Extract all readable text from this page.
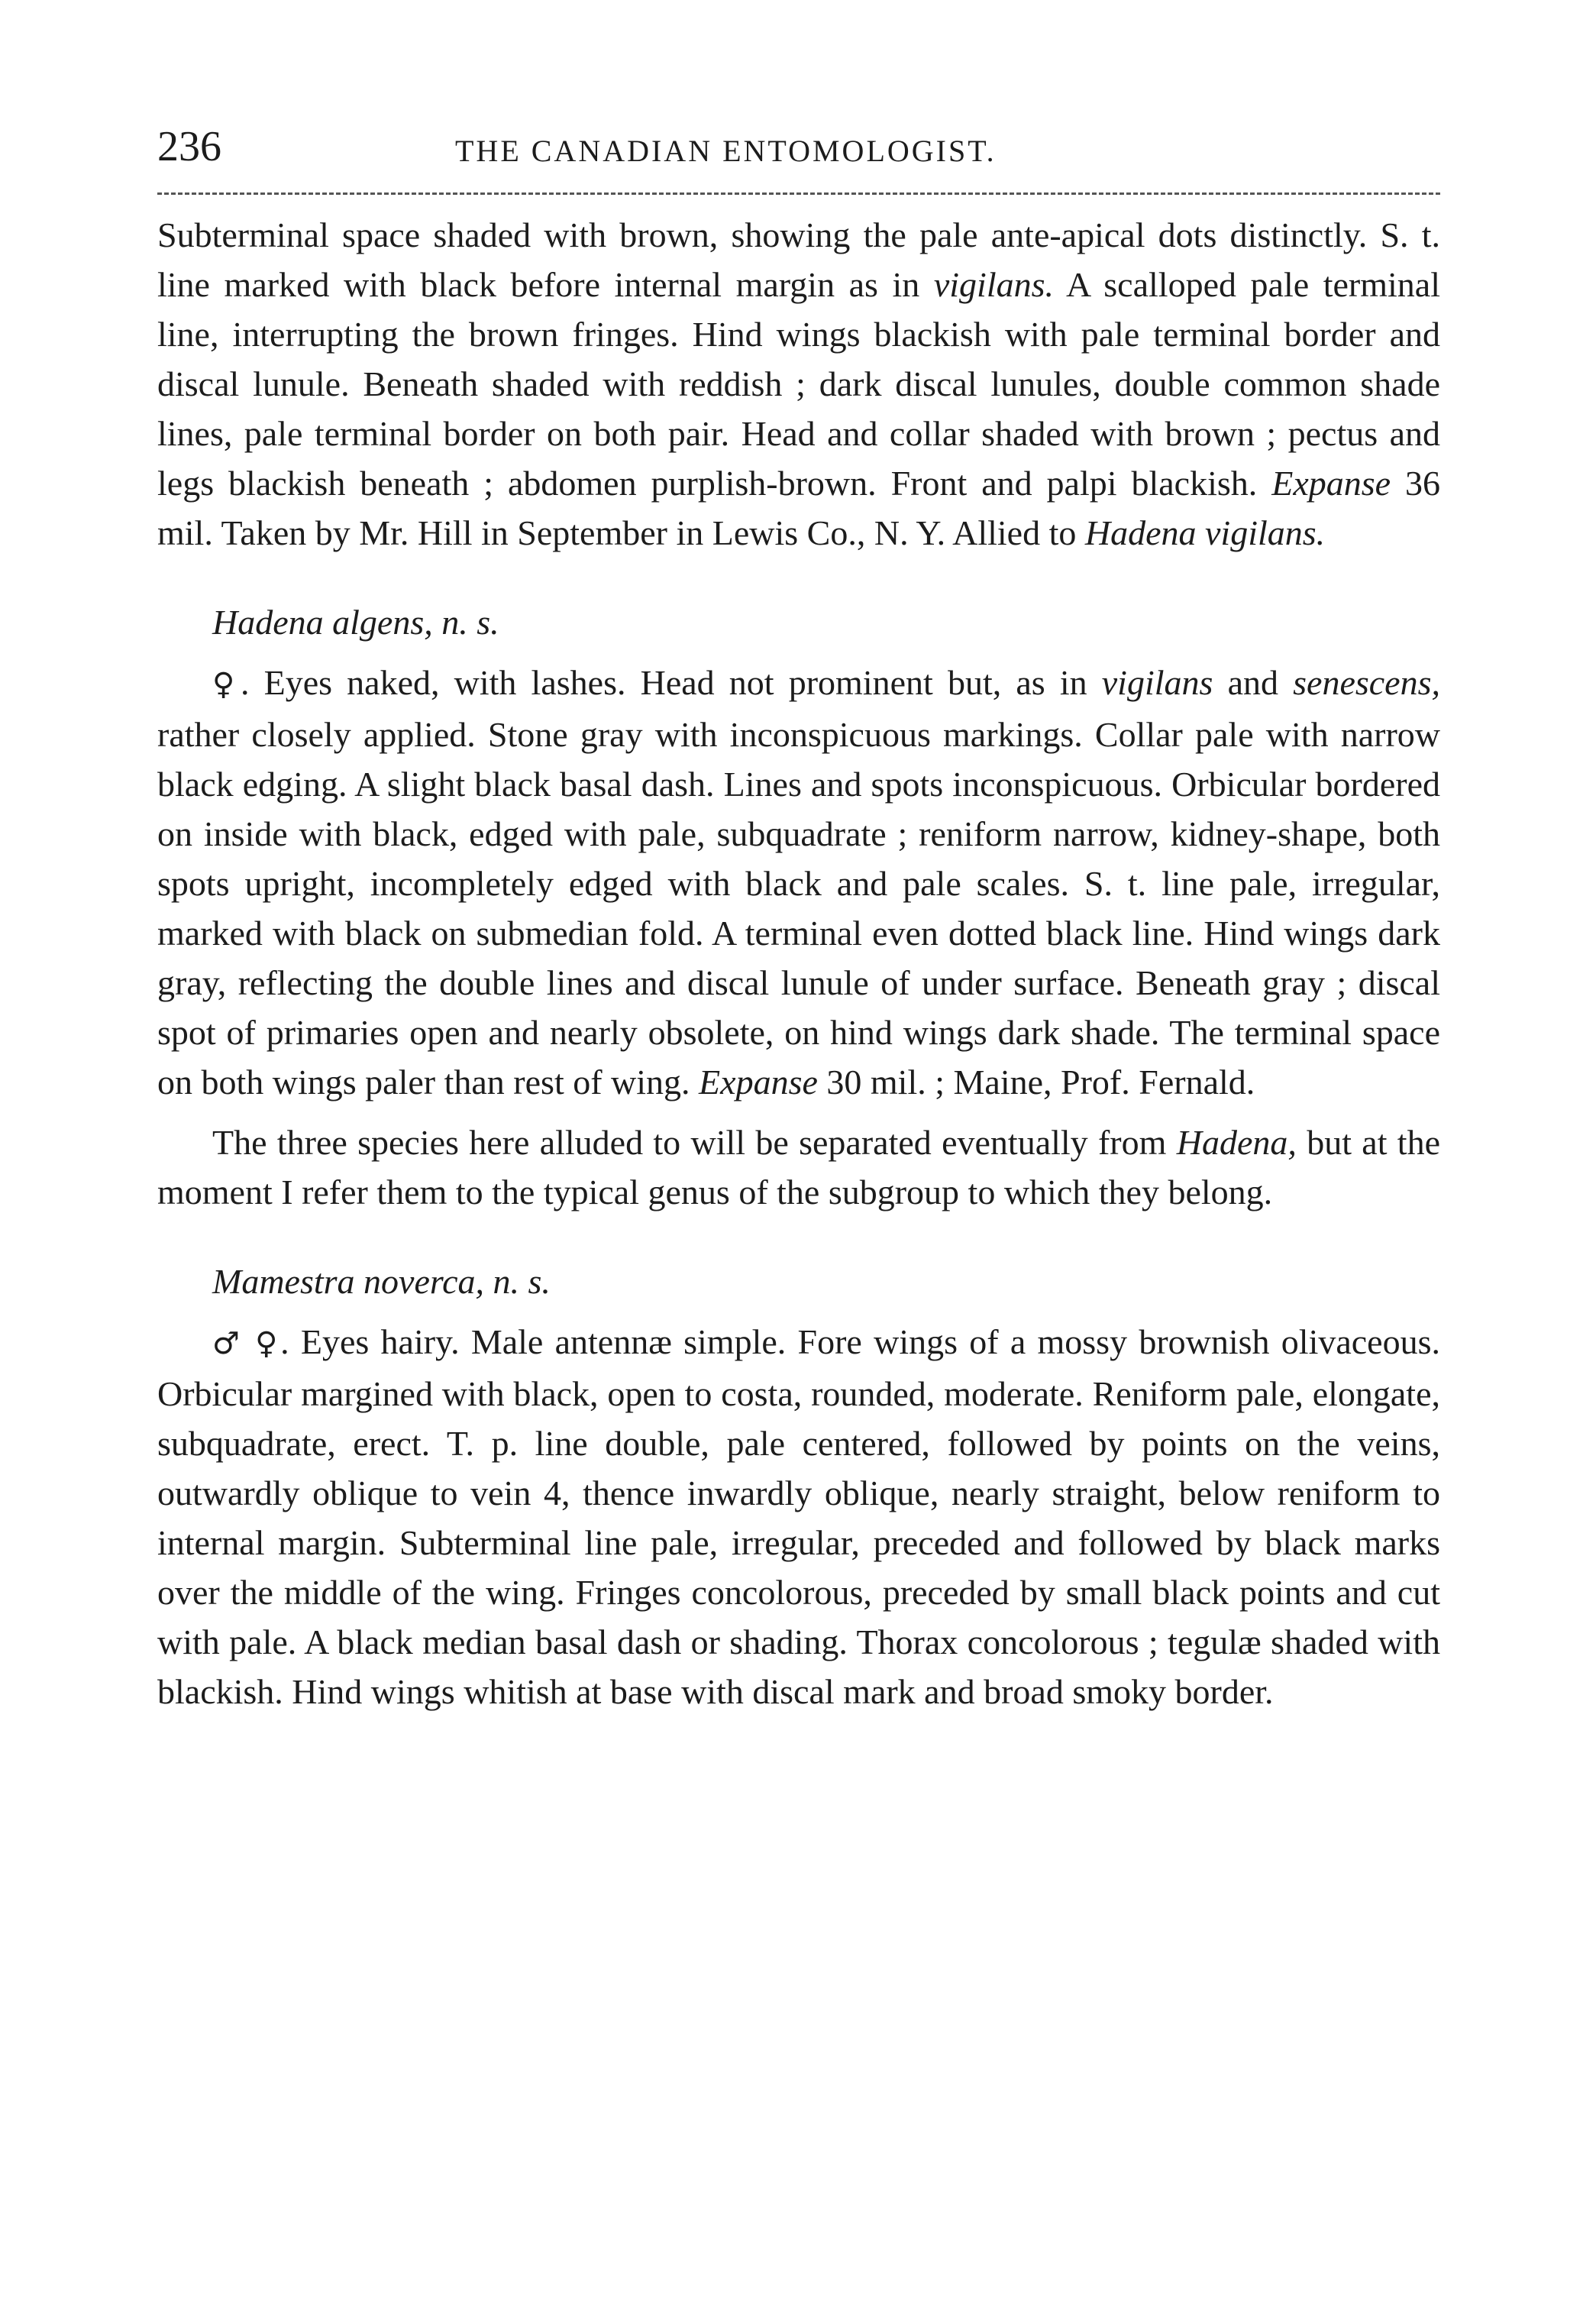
236	THE CANADIAN ENTOMOLOGIST.

Subterminal space shaded with brown, showing the pale ante-apical dots distinctly. S. t. line marked with black before internal margin as in vigilans. A scalloped pale terminal line, interrupting the brown fringes. Hind wings blackish with pale terminal border and discal lunule. Beneath shaded with reddish ; dark discal lunules, double common shade lines, pale terminal border on both pair. Head and collar shaded with brown ; pectus and legs blackish beneath ; abdomen purplish-brown. Front and palpi blackish. Expanse 36 mil. Taken by Mr. Hill in September in Lewis Co., N. Y. Allied to Hadena vigilans.

Hadena algens, n. s.

♀. Eyes naked, with lashes. Head not prominent but, as in vigilans and senescens, rather closely applied. Stone gray with inconspicuous markings. Collar pale with narrow black edging. A slight black basal dash. Lines and spots inconspicuous. Orbicular bordered on inside with black, edged with pale, subquadrate ; reniform narrow, kidney-shape, both spots upright, incompletely edged with black and pale scales. S. t. line pale, irregular, marked with black on submedian fold. A terminal even dotted black line. Hind wings dark gray, reflecting the double lines and discal lunule of under surface. Beneath gray ; discal spot of primaries open and nearly obsolete, on hind wings dark shade. The terminal space on both wings paler than rest of wing. Expanse 30 mil. ; Maine, Prof. Fernald.

The three species here alluded to will be separated eventually from Hadena, but at the moment I refer them to the typical genus of the subgroup to which they belong.

Mamestra noverca, n. s.

♂ ♀. Eyes hairy. Male antennæ simple. Fore wings of a mossy brownish olivaceous. Orbicular margined with black, open to costa, rounded, moderate. Reniform pale, elongate, subquadrate, erect. T. p. line double, pale centered, followed by points on the veins, outwardly oblique to vein 4, thence inwardly oblique, nearly straight, below reniform to internal margin. Subterminal line pale, irregular, preceded and followed by black marks over the middle of the wing. Fringes concolorous, preceded by small black points and cut with pale. A black median basal dash or shading. Thorax concolorous ; tegulæ shaded with blackish. Hind wings whitish at base with discal mark and broad smoky border.
